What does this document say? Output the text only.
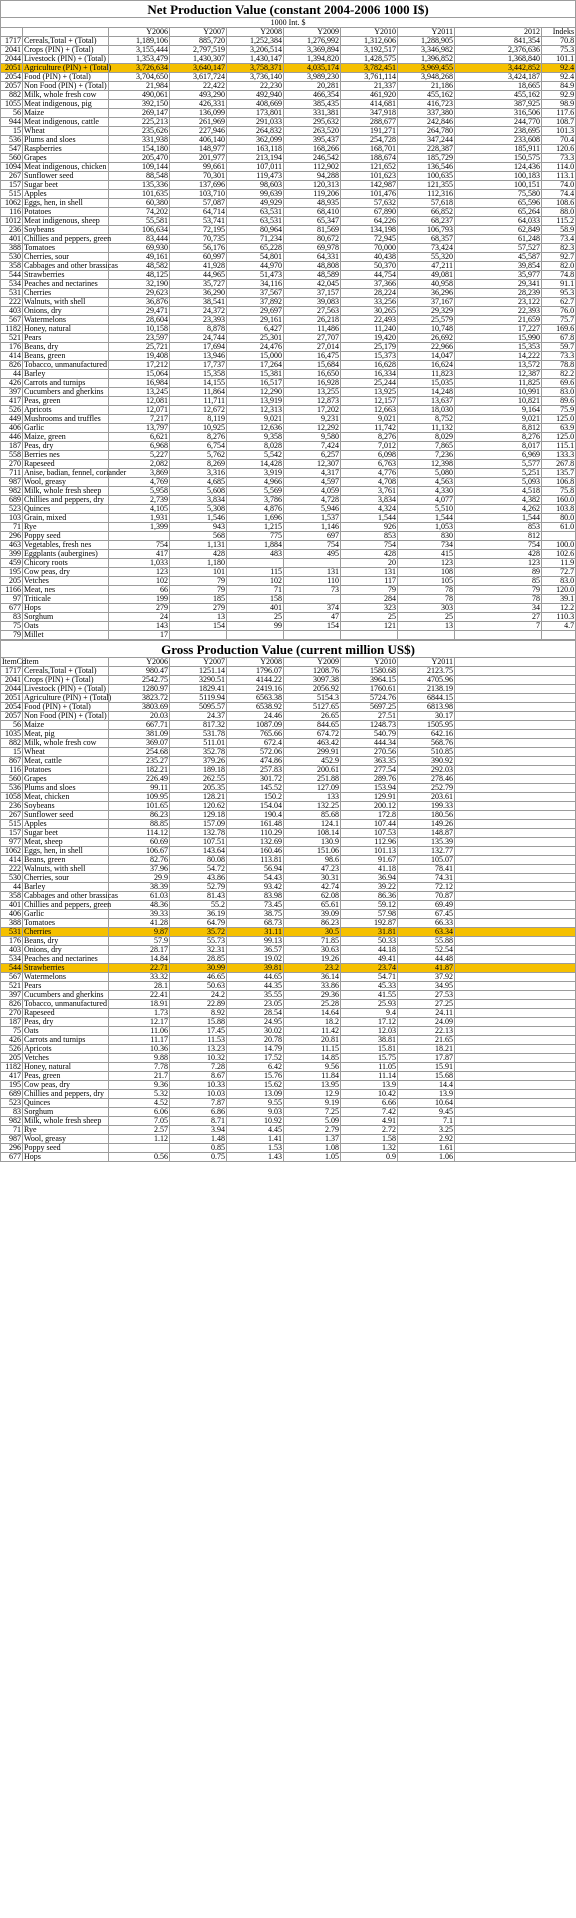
Net Production Value (constant 2004-2006 1000 I$)									
1000 Int. $									
		Y2006	Y2007	Y2008	Y2009	Y2010	Y2011	2012	Indeks
1717	Cereals,Total + (Total)	1,189,106	885,720	1,252,384	1,276,992	1,312,606	1,288,905	841,354	70.8
2041	Crops (PIN) + (Total)	3,155,444	2,797,519	3,206,514	3,369,894	3,192,517	3,346,982	2,376,636	75.3
2044	Livestock (PIN) + (Total)	1,353,479	1,430,307	1,430,147	1,394,820	1,428,575	1,396,852	1,368,840	101.1
2051	Agriculture (PIN) + (Total)	3,726,634	3,640,147	3,758,371	4,035,174	3,782,451	3,969,455	3,442,852	92.4
2054	Food (PIN) + (Total)	3,704,650	3,617,724	3,736,140	3,989,230	3,761,114	3,948,268	3,424,187	92.4
2057	Non Food (PIN) + (Total)	21,984	22,422	22,230	20,281	21,337	21,186	18,665	84.9
882	Milk, whole fresh cow	490,061	493,290	492,940	466,354	461,920	455,162	455,162	92.9
1055	Meat indigenous, pig	392,150	426,331	408,669	385,435	414,681	416,723	387,925	98.9
56	Maize	269,147	136,099	173,801	331,381	347,918	337,380	316,506	117.6
944	Meat indigenous, cattle	225,213	261,969	291,033	295,632	288,677	242,846	244,770	108.7
15	Wheat	235,626	227,946	264,832	263,520	191,271	264,780	238,695	101.3
536	Plums and sloes	331,938	406,140	362,099	395,437	254,728	347,244	233,608	70.4
547	Raspberries	154,180	148,977	163,118	168,266	168,701	228,387	185,911	120.6
560	Grapes	205,470	201,977	213,194	246,542	188,674	185,729	150,575	73.3
1094	Meat indigenous, chicken	109,144	99,661	107,011	112,902	121,652	136,546	124,436	114.0
267	Sunflower seed	88,548	70,301	119,473	94,288	101,623	100,635	100,183	113.1
157	Sugar beet	135,336	137,696	98,603	120,313	142,987	121,355	100,151	74.0
515	Apples	101,635	103,710	99,639	119,206	101,476	112,316	75,580	74.4
1062	Eggs, hen, in shell	60,380	57,087	49,929	48,935	57,632	57,618	65,596	108.6
116	Potatoes	74,202	64,714	63,531	68,410	67,890	66,852	65,264	88.0
1012	Meat indigenous, sheep	55,581	53,741	63,531	65,347	64,226	68,237	64,033	115.2
236	Soybeans	106,634	72,195	80,964	81,569	134,198	106,793	62,849	58.9
401	Chillies and peppers, green	83,444	70,735	71,234	80,672	72,945	68,357	61,248	73.4
388	Tomatoes	69,930	56,176	65,228	69,978	70,000	73,424	57,527	82.3
530	Cherries, sour	49,161	60,997	54,801	64,331	40,438	55,320	45,587	92.7
358	Cabbages and other brassicas	48,582	41,928	44,970	48,808	50,370	47,211	39,854	82.0
544	Strawberries	48,125	44,965	51,473	48,589	44,754	49,081	35,977	74.8
534	Peaches and nectarines	32,190	35,727	34,116	42,045	37,366	40,958	29,341	91.1
531	Cherries	29,623	36,290	37,567	37,157	28,224	36,296	28,239	95.3
222	Walnuts, with shell	36,876	38,541	37,892	39,083	33,256	37,167	23,122	62.7
403	Onions, dry	29,471	24,372	29,697	27,563	30,265	29,329	22,393	76.0
567	Watermelons	28,604	23,393	29,161	26,218	22,493	25,579	21,659	75.7
1182	Honey, natural	10,158	8,878	6,427	11,486	11,240	10,748	17,227	169.6
521	Pears	23,597	24,744	25,301	27,707	19,420	26,692	15,990	67.8
176	Beans, dry	25,721	17,694	24,476	27,014	25,179	22,966	15,353	59.7
414	Beans, green	19,408	13,946	15,000	16,475	15,373	14,047	14,222	73.3
826	Tobacco, unmanufactured	17,212	17,737	17,264	15,684	16,628	16,624	13,572	78.8
44	Barley	15,064	15,358	15,381	16,650	16,334	11,823	12,387	82.2
426	Carrots and turnips	16,984	14,155	16,517	16,928	25,244	15,035	11,825	69.6
397	Cucumbers and gherkins	13,245	11,864	12,290	13,255	13,925	14,248	10,991	83.0
417	Peas, green	12,081	11,711	13,919	12,873	12,157	13,637	10,821	89.6
526	Apricots	12,071	12,672	12,313	17,202	12,663	18,030	9,164	75.9
449	Mushrooms and truffles	7,217	8,119	9,021	9,231	9,021	8,752	9,021	125.0
406	Garlic	13,797	10,925	12,636	12,292	11,742	11,132	8,812	63.9
446	Maize, green	6,621	8,276	9,358	9,580	8,276	8,029	8,276	125.0
187	Peas, dry	6,968	6,754	8,028	7,424	7,012	7,865	8,017	115.1
558	Berries nes	5,227	5,762	5,542	6,257	6,098	7,236	6,969	133.3
270	Rapeseed	2,082	8,269	14,428	12,307	6,763	12,398	5,577	267.8
711	Anise, badian, fennel, coriander	3,869	3,316	3,919	4,317	4,776	5,080	5,251	135.7
987	Wool, greasy	4,769	4,685	4,966	4,597	4,708	4,563	5,093	106.8
982	Milk, whole fresh sheep	5,958	5,608	5,569	4,059	3,761	4,330	4,518	75.8
689	Chillies and peppers, dry	2,739	3,834	3,786	4,728	3,834	4,077	4,382	160.0
523	Quinces	4,105	5,308	4,876	5,946	4,324	5,510	4,262	103.8
103	Grain, mixed	1,931	1,546	1,696	1,537	1,544	1,544	1,544	80.0
71	Rye	1,399	943	1,215	1,146	926	1,053	853	61.0
296	Poppy seed		568	775	697	853	830	812	
463	Vegetables, fresh nes	754	1,131	1,884	754	754	734	754	100.0
399	Eggplants (aubergines)	417	428	483	495	428	415	428	102.6
459	Chicory roots	1,033	1,180			20	123	123	11.9
195	Cow peas, dry	123	101	115	131	131	108	89	72.7
205	Vetches	102	79	102	110	117	105	85	83.0
1166	Meat, nes	66	79	71	73	79	78	79	120.0
97	Triticale	199	185	158		284	78	78	39.1
677	Hops	279	279	401	374	323	303	34	12.2
83	Sorghum	24	13	25	47	25	25	27	110.3
75	Oats	143	154	99	154	121	13	7	4.7
79	Millet	17							
Gross Production Value (current million US$)								
ItemCo	Item	Y2006	Y2007	Y2008	Y2009	Y2010	Y2011	
1717	Cereals,Total + (Total)	980.47	1251.14	1796.07	1208.76	1580.68	2123.75	
2041	Crops (PIN) + (Total)	2542.75	3290.51	4144.22	3097.38	3964.15	4705.96	
2044	Livestock (PIN) + (Total)	1280.97	1829.41	2419.16	2056.92	1760.61	2138.19	
2051	Agriculture (PIN) + (Total)	3823.72	5119.94	6563.38	5154.3	5724.76	6844.15	
2054	Food (PIN) + (Total)	3803.69	5095.57	6538.92	5127.65	5697.25	6813.98	
2057	Non Food (PIN) + (Total)	20.03	24.37	24.46	26.65	27.51	30.17	
56	Maize	667.71	817.32	1087.09	844.65	1248.73	1505.95	
1035	Meat, pig	381.09	531.78	765.66	674.72	540.79	642.16	
882	Milk, whole fresh cow	369.07	511.01	672.4	463.42	444.34	568.76	
15	Wheat	254.68	352.78	572.06	299.91	270.56	510.85	
867	Meat, cattle	235.27	379.26	474.86	452.9	363.35	390.92	
116	Potatoes	182.21	189.18	257.83	200.61	277.54	292.03	
560	Grapes	226.49	262.55	301.72	251.88	289.76	278.46	
536	Plums and sloes	99.11	205.35	145.52	127.09	153.94	252.79	
1058	Meat, chicken	109.95	128.21	150.2	133	129.91	203.61	
236	Soybeans	101.65	120.62	154.04	132.25	200.12	199.33	
267	Sunflower seed	86.23	129.18	190.4	85.68	172.8	180.56	
515	Apples	88.85	157.09	161.48	124.1	107.44	149.26	
157	Sugar beet	114.12	132.78	110.29	108.14	107.53	148.87	
977	Meat, sheep	60.69	107.51	132.69	130.9	112.96	135.39	
1062	Eggs, hen, in shell	106.67	143.64	160.46	151.06	101.13	132.77	
414	Beans, green	82.76	80.08	113.81	98.6	91.67	105.07	
222	Walnuts, with shell	37.96	54.72	56.94	47.23	41.18	78.41	
530	Cherries, sour	29.9	43.86	54.43	30.31	36.94	74.31	
44	Barley	38.39	52.79	93.42	42.74	39.22	72.12	
358	Cabbages and other brassicas	61.03	81.43	83.98	62.08	86.36	70.87	
401	Chillies and peppers, green	48.36	55.2	73.45	65.61	59.12	69.49	
406	Garlic	39.33	36.19	38.75	39.09	57.98	67.45	
388	Tomatoes	41.28	64.79	68.73	86.23	192.87	66.33	
531	Cherries	9.87	35.72	31.11	30.5	31.81	63.34	
176	Beans, dry	57.9	55.73	99.13	71.85	50.33	55.88	
403	Onions, dry	28.17	32.31	36.57	30.63	44.18	52.54	
534	Peaches and nectarines	14.84	28.85	19.02	19.26	49.41	44.48	
544	Strawberries	22.71	30.99	39.81	23.2	23.74	41.87	
567	Watermelons	33.32	46.65	44.65	36.14	54.71	37.92	
521	Pears	28.1	50.63	44.35	33.86	45.33	34.95	
397	Cucumbers and gherkins	22.41	24.2	35.55	29.36	41.55	27.53	
826	Tobacco, unmanufactured	18.91	22.89	23.05	25.28	25.93	27.25	
270	Rapeseed	1.73	8.92	28.54	14.64	9.4	24.11	
187	Peas, dry	12.17	15.88	24.95	18.2	17.12	24.09	
75	Oats	11.06	17.45	30.02	11.42	12.03	22.13	
426	Carrots and turnips	11.17	11.53	20.78	20.81	38.81	21.65	
526	Apricots	10.36	13.23	14.79	11.15	15.81	18.21	
205	Vetches	9.88	10.32	17.52	14.85	15.75	17.87	
1182	Honey, natural	7.78	7.28	6.42	9.56	11.05	15.91	
417	Peas, green	21.7	8.67	15.76	11.84	11.14	15.68	
195	Cow peas, dry	9.36	10.33	15.62	13.95	13.9	14.4	
689	Chillies and peppers, dry	5.32	10.03	13.09	12.9	10.42	13.9	
523	Quinces	4.52	7.87	9.55	9.19	6.66	10.64	
83	Sorghum	6.06	6.86	9.03	7.25	7.42	9.45	
982	Milk, whole fresh sheep	7.05	8.71	10.92	5.09	4.91	7.1	
71	Rye	2.57	3.94	4.45	2.79	2.72	3.25	
987	Wool, greasy	1.12	1.48	1.41	1.37	1.58	2.92	
296	Poppy seed		0.85	1.53	1.08	1.32	1.61	
677	Hops	0.56	0.75	1.43	1.05	0.9	1.06	
